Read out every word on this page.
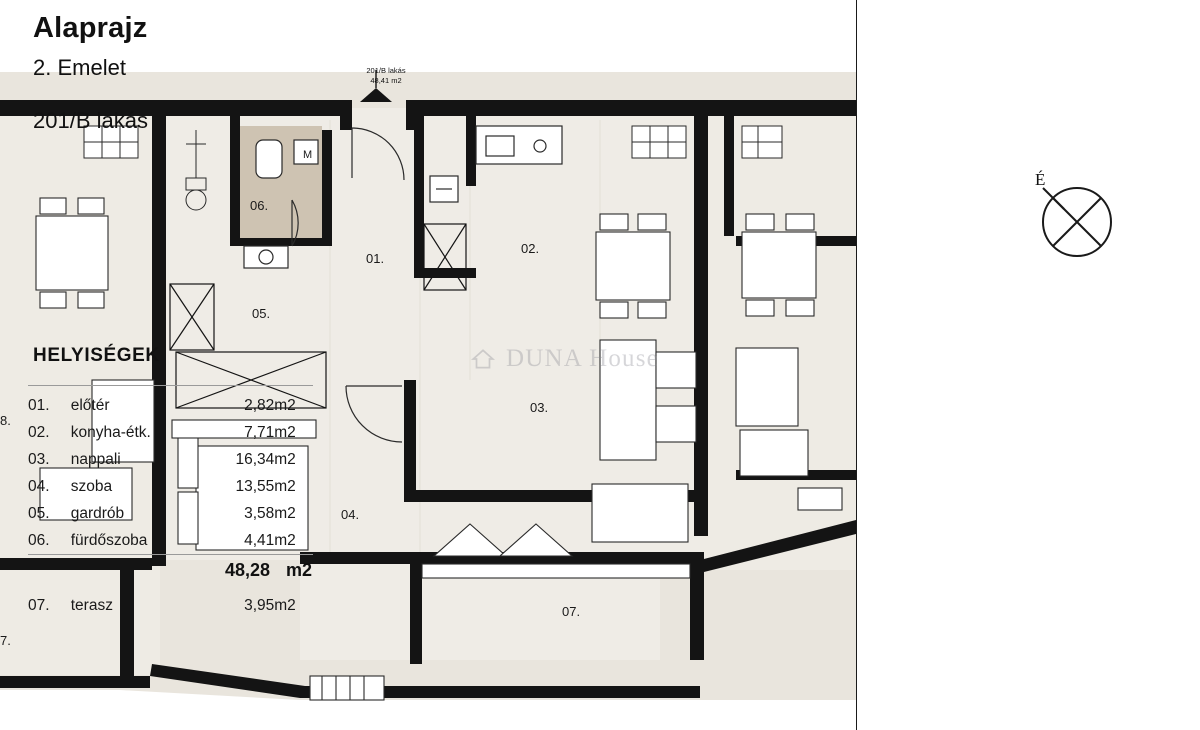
01.
02.
03.
04.
05.
06.
07.
8.
7.
M
201/B lakás
48,41 m2
DUNA House
Alaprajz
2. Emelet
201/B lakás
É
HELYISÉGEK
01.	előtér	2,82	m2
02.	konyha-étk.	7,71	m2
03.	nappali	16,34	m2
04.	szoba	13,55	m2
05.	gardrób	3,58	m2
06.	fürdőszoba	4,41	m2
48,28 m2
07.	terasz	3,95	m2
